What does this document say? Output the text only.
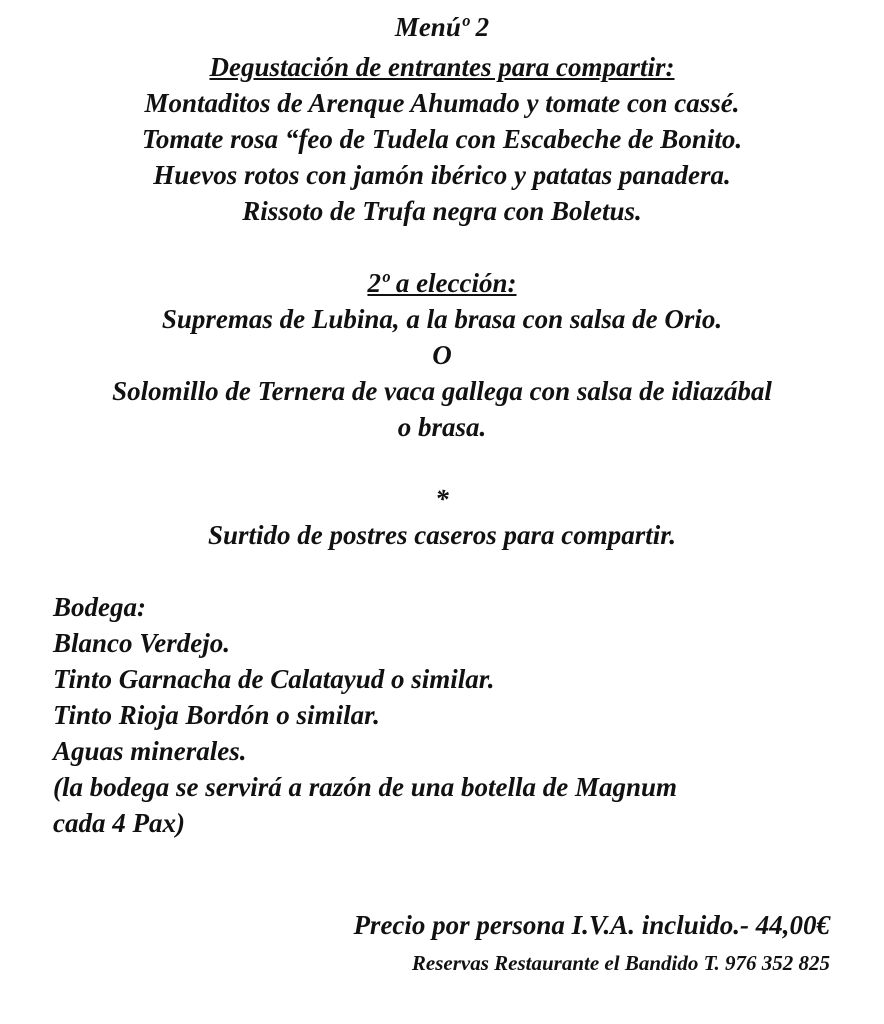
Menúº 2
Degustación de entrantes para compartir:
Montaditos de Arenque Ahumado y tomate con cassé.
Tomate rosa “feo de Tudela con Escabeche de Bonito.
Huevos rotos con jamón ibérico y patatas panadera.
Rissoto de Trufa negra con Boletus.
2º a elección:
Supremas de Lubina, a la brasa con salsa de Orio.
O
Solomillo de Ternera de vaca gallega con salsa de idiazábal
o brasa.
*
Surtido de postres caseros para compartir.
Bodega:
Blanco Verdejo.
Tinto Garnacha de Calatayud o similar.
Tinto Rioja Bordón o similar.
Aguas minerales.
(la bodega se servirá a razón de una botella de Magnum
cada 4 Pax)
Precio por persona I.V.A. incluido.- 44,00€
Reservas Restaurante el Bandido T. 976 352 825
